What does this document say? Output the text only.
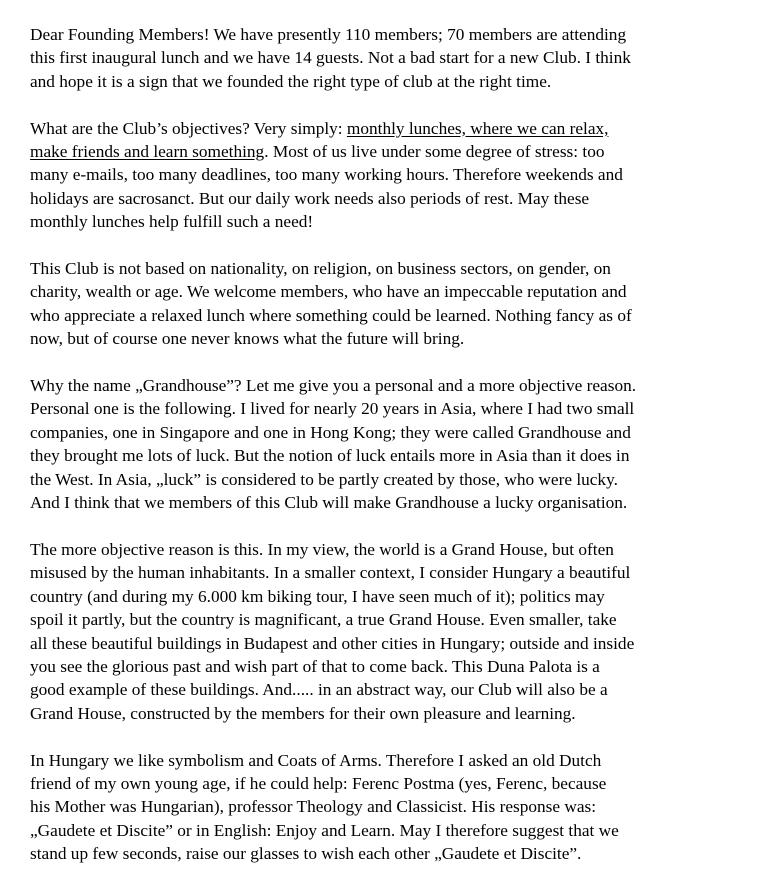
Dear Founding Members! We have presently 110 members; 70 members are attending
this first inaugural lunch and we have 14 guests. Not a bad start for a new Club. I think
and hope it is a sign that we founded the right type of club at the right time.
What are the Club’s objectives? Very simply: monthly lunches, where we can relax,
make friends and learn something. Most of us live under some degree of stress: too
many e-mails, too many deadlines, too many working hours. Therefore weekends and
holidays are sacrosanct. But our daily work needs also periods of rest. May these
monthly lunches help fulfill such a need!
This Club is not based on nationality, on religion, on business sectors, on gender, on
charity, wealth or age. We welcome members, who have an impeccable reputation and
who appreciate a relaxed lunch where something could be learned. Nothing fancy as of
now, but of course one never knows what the future will bring.
Why the name „Grandhouse”? Let me give you a personal and a more objective reason.
Personal one is the following. I lived for nearly 20 years in Asia, where I had two small
companies, one in Singapore and one in Hong Kong; they were called Grandhouse and
they brought me lots of luck. But the notion of luck entails more in Asia than it does in
the West. In Asia, „luck” is considered to be partly created by those, who were lucky.
And I think that we members of this Club will make Grandhouse a lucky organisation.
The more objective reason is this. In my view, the world is a Grand House, but often
misused by the human inhabitants. In a smaller context, I consider Hungary a beautiful
country (and during my 6.000 km biking tour, I have seen much of it); politics may
spoil it partly, but the country is magnificant, a true Grand House. Even smaller, take
all these beautiful buildings in Budapest and other cities in Hungary; outside and inside
you see the glorious past and wish part of that to come back. This Duna Palota is a
good example of these buildings. And..... in an abstract way, our Club will also be a
Grand House, constructed by the members for their own pleasure and learning.
In Hungary we like symbolism and Coats of Arms. Therefore I asked an old Dutch
friend of my own young age, if he could help: Ferenc Postma (yes, Ferenc, because
his Mother was Hungarian), professor Theology and Classicist. His response was:
„Gaudete et Discite” or in English: Enjoy and Learn. May I therefore suggest that we
stand up few seconds, raise our glasses to wish each other „Gaudete et Discite”.
